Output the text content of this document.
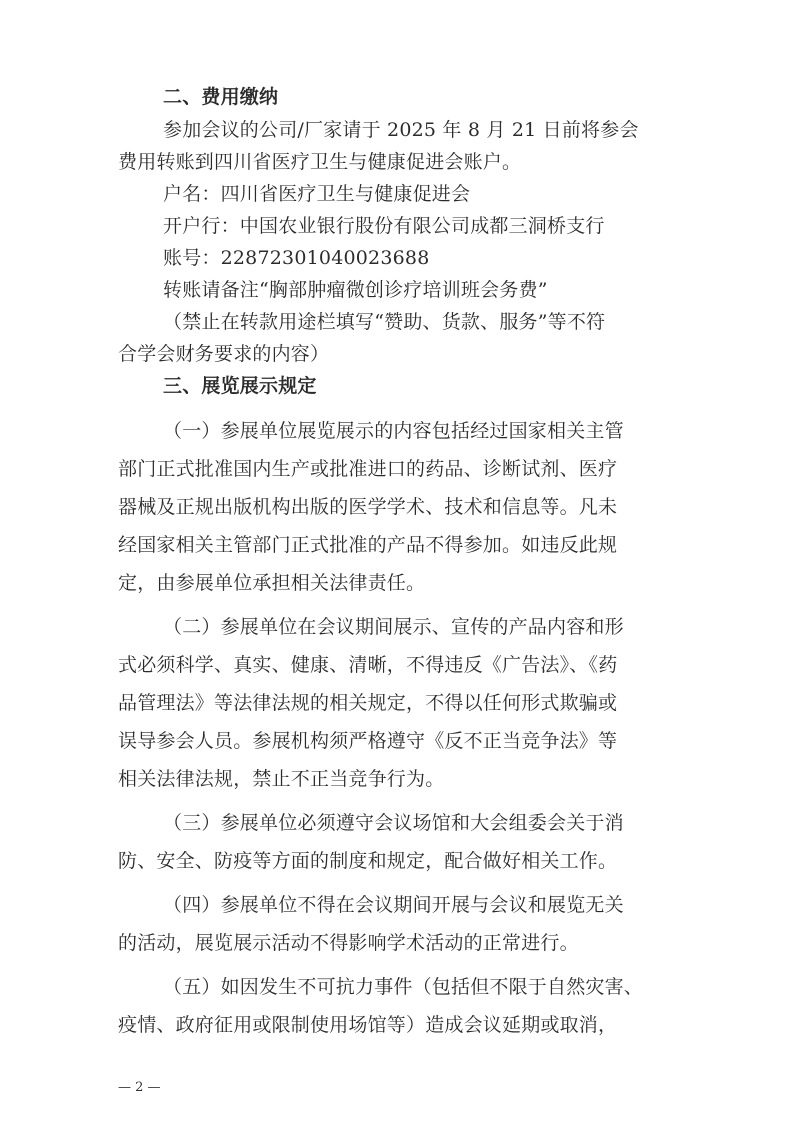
二、费用缴纳
参加会议的公司/厂家请于 2025 年 8 月 21 日前将参会
费用转账到四川省医疗卫生与健康促进会账户。
户名：四川省医疗卫生与健康促进会
开户行：中国农业银行股份有限公司成都三洞桥支行
账号：22872301040023688
转账请备注“胸部肿瘤微创诊疗培训班会务费”
（禁止在转款用途栏填写“赞助、货款、服务”等不符
合学会财务要求的内容）
三、展览展示规定
（一）参展单位展览展示的内容包括经过国家相关主管
部门正式批准国内生产或批准进口的药品、诊断试剂、医疗
器械及正规出版机构出版的医学学术、技术和信息等。凡未
经国家相关主管部门正式批准的产品不得参加。如违反此规
定，由参展单位承担相关法律责任。
（二）参展单位在会议期间展示、宣传的产品内容和形
式必须科学、真实、健康、清晰，不得违反《广告法》、《药
品管理法》等法律法规的相关规定，不得以任何形式欺骗或
误导参会人员。参展机构须严格遵守《反不正当竞争法》等
相关法律法规，禁止不正当竞争行为。
（三）参展单位必须遵守会议场馆和大会组委会关于消
防、安全、防疫等方面的制度和规定，配合做好相关工作。
（四）参展单位不得在会议期间开展与会议和展览无关
的活动，展览展示活动不得影响学术活动的正常进行。
（五）如因发生不可抗力事件（包括但不限于自然灾害、
疫情、政府征用或限制使用场馆等）造成会议延期或取消，
— 2 —
